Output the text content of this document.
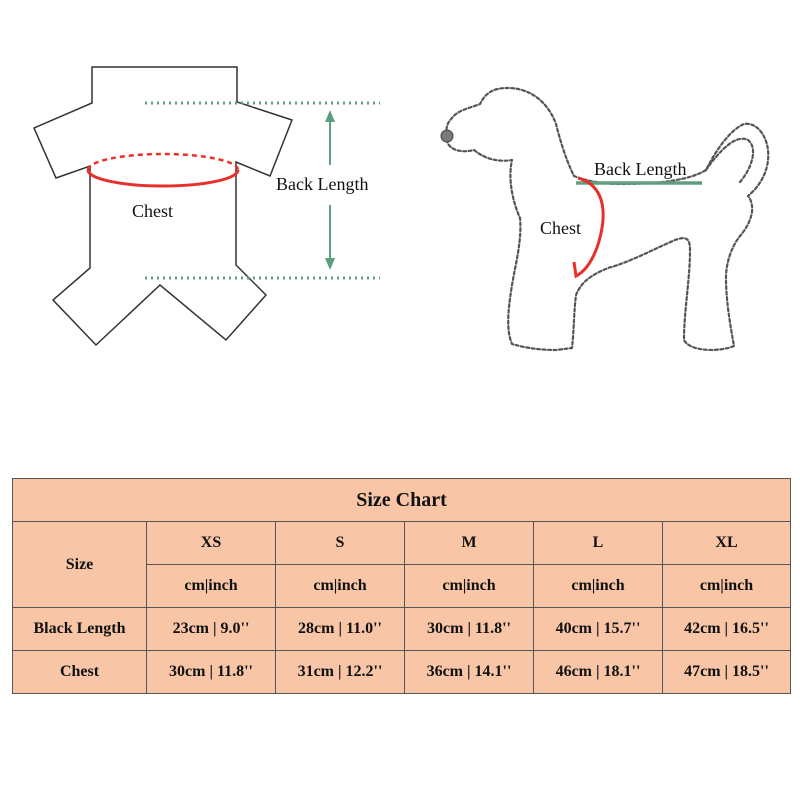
Back Length
Chest
Back Length
Chest
Size Chart					
Size	XS	S	M	L	XL
	cm|inch	cm|inch	cm|inch	cm|inch	cm|inch
Black Length	23cm | 9.0''	28cm | 11.0''	30cm | 11.8''	40cm | 15.7''	42cm | 16.5''
Chest	30cm | 11.8''	31cm | 12.2''	36cm | 14.1''	46cm | 18.1''	47cm | 18.5''
